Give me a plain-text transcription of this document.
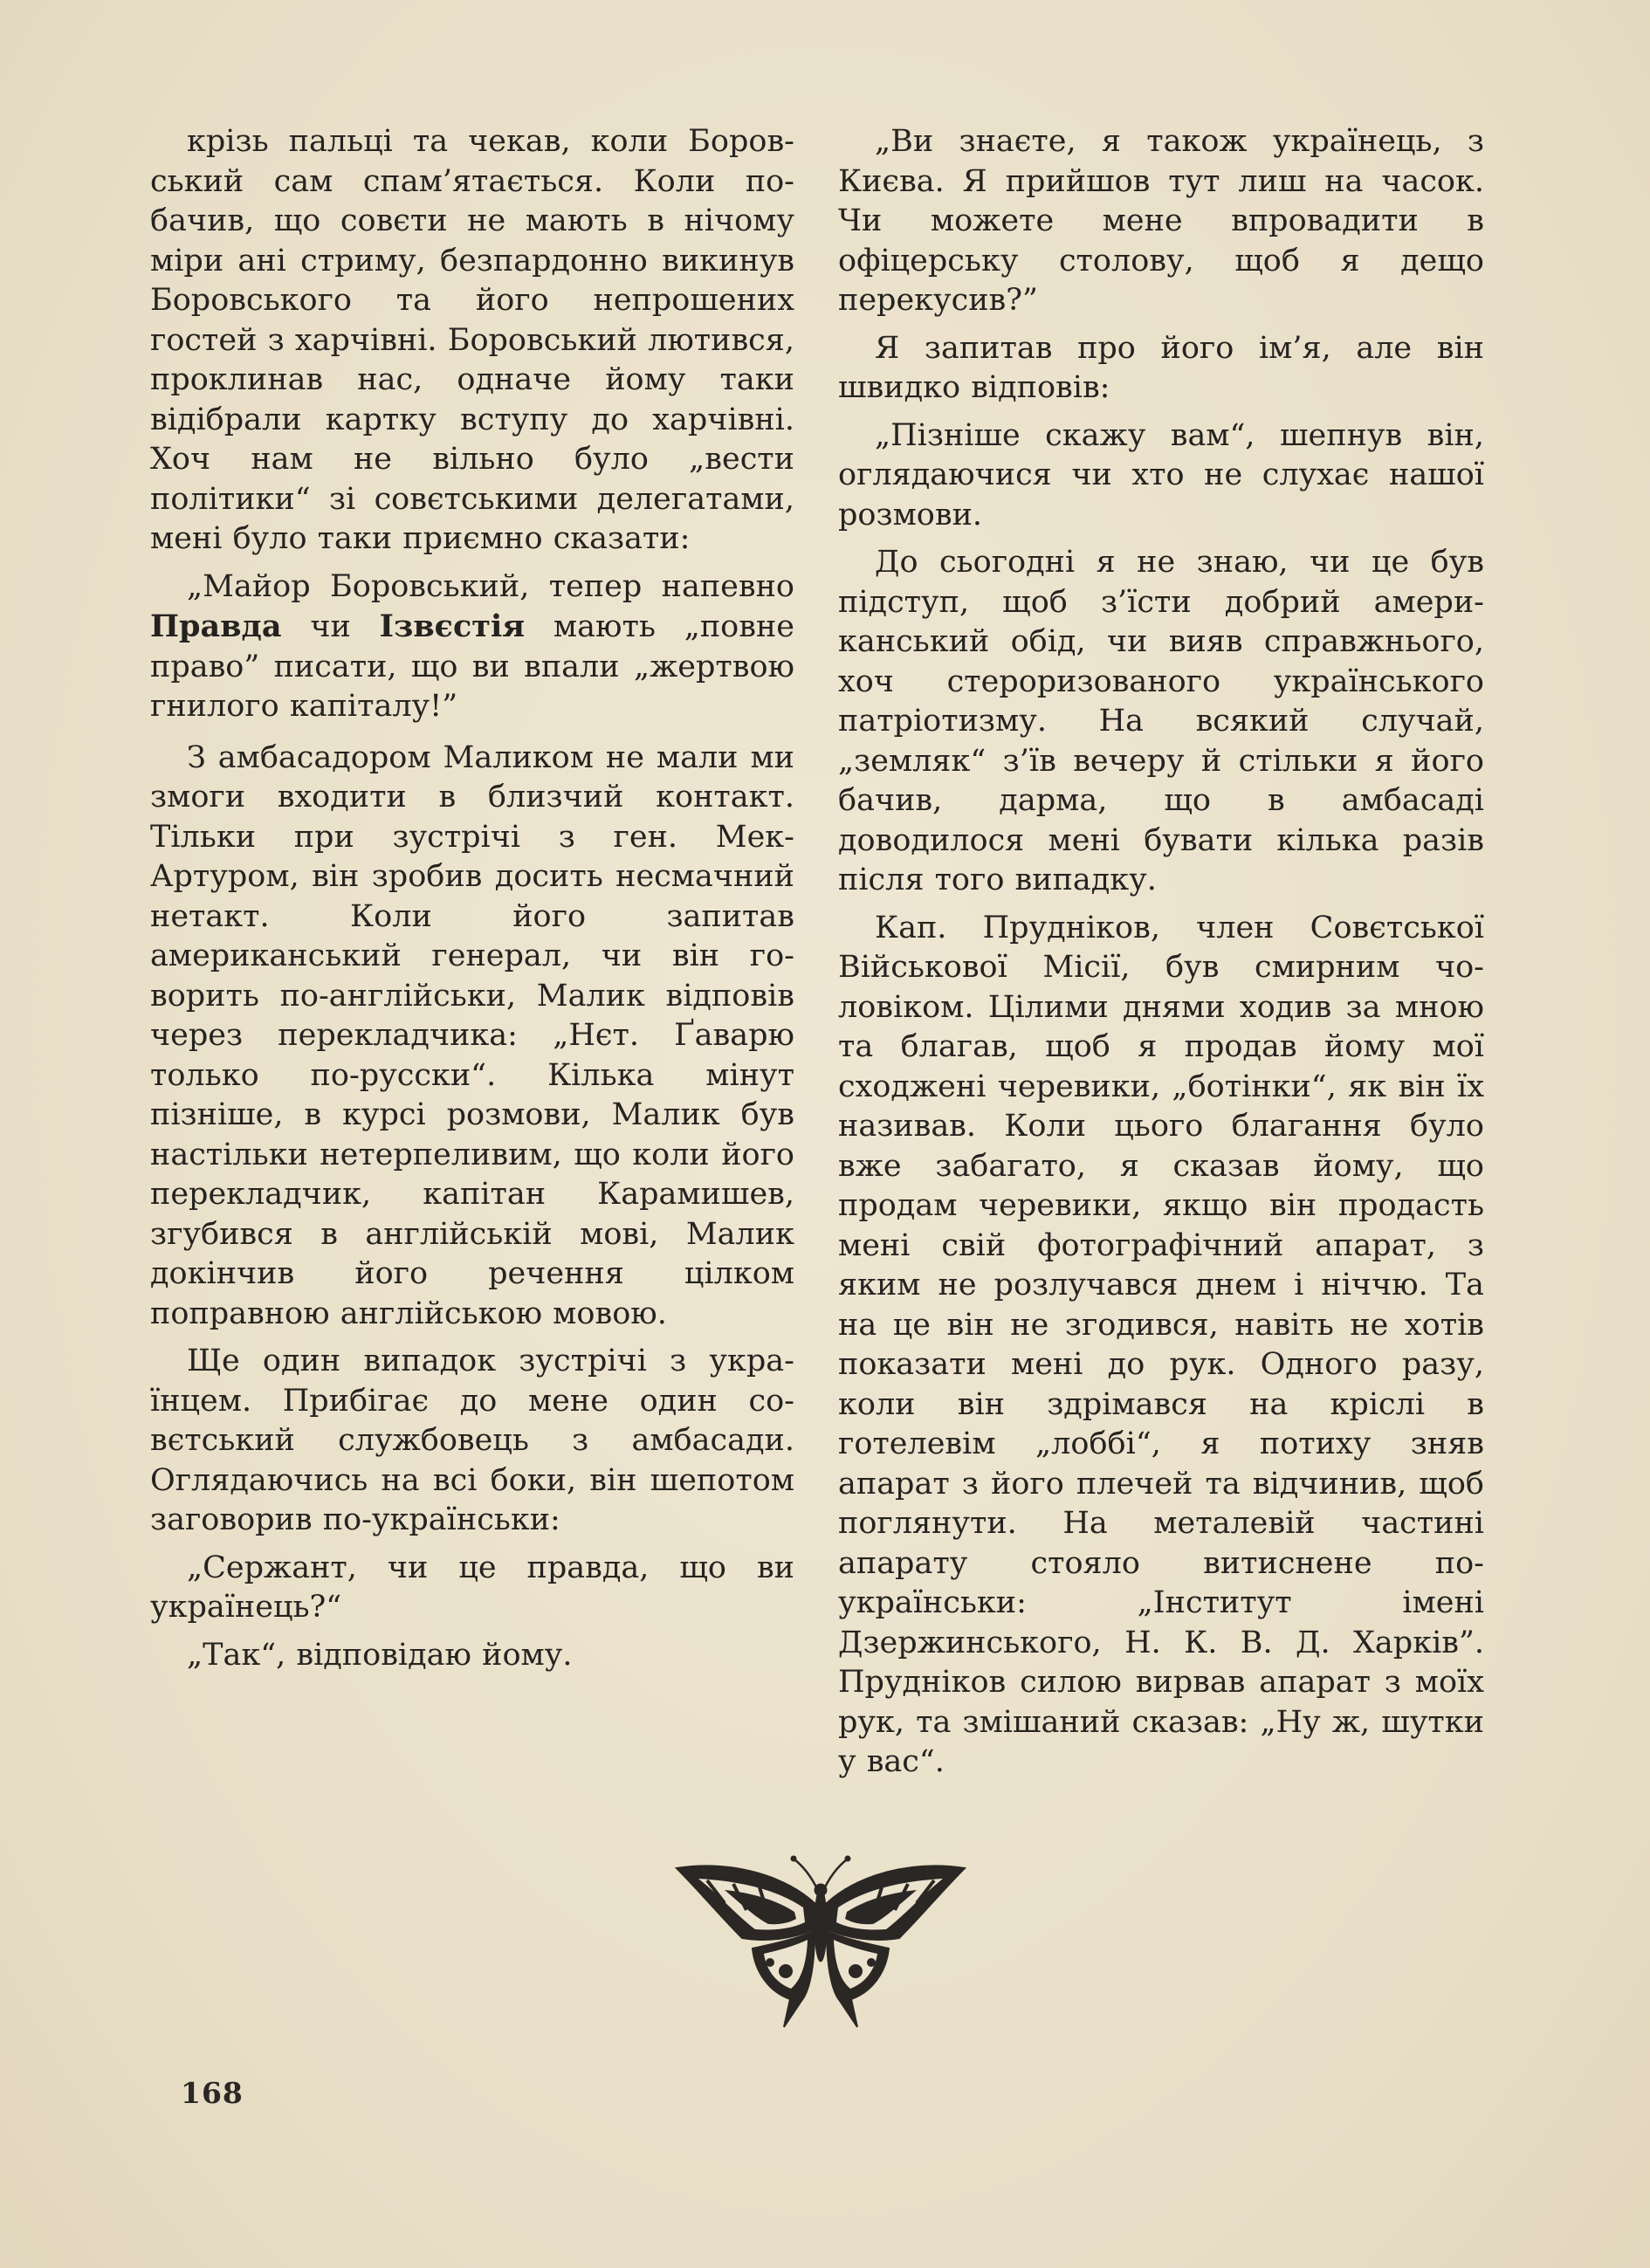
крізь пальці та чекав, коли Боровський сам спам’ятається. Коли побачив, що совєти не мають в нічому міри ані стриму, безпардонно викинув Боровського та його непрошених гостей з харчівні. Боровський лютився, проклинав нас, одначе йому таки відібрали картку вступу до харчівні. Хоч нам не вільно було „вести політики“ зі совєтськими делегатами, мені було таки приємно сказати:

„Майор Боровський, тепер напевно Правда чи Ізвєстія мають „повне право” писати, що ви впали „жертвою гнилого капіталу!”

З амбасадором Маликом не мали ми змоги входити в близчий контакт. Тільки при зустрічі з ген. МекАртуром, він зробив досить несмачний нетакт. Коли його запитав американський генерал, чи він говорить по-англійськи, Малик відповів через перекладчика: „Нєт. Ґаварю только по-русски“. Кілька мінут пізніше, в курсі розмови, Малик був настільки нетерпеливим, що коли його перекладчик, капітан Карамишев, згубився в англійській мові, Малик докінчив його речення цілком поправною англійською мовою.

Ще один випадок зустрічі з українцем. Прибігає до мене один совєтський службовець з амбасади. Оглядаючись на всі боки, він шепотом заговорив по-українськи:

„Сержант, чи це правда, що ви українець?“

„Так“, відповідаю йому.

„Ви знаєте, я також українець, з Києва. Я прийшов тут лиш на часок. Чи можете мене впровадити в офіцерську столову, щоб я дещо перекусив?”

Я запитав про його ім’я, але він швидко відповів:

„Пізніше скажу вам“, шепнув він, оглядаючися чи хто не слухає нашої розмови.

До сьогодні я не знаю, чи це був підступ, щоб з’їсти добрий американський обід, чи вияв справжнього, хоч стероризованого українського патріотизму. На всякий случай, „земляк“ з’їв вечеру й стільки я його бачив, дарма, що в амбасаді доводилося мені бувати кілька разів після того випадку.

Кап. Пруднікoв, член Совєтської Військової Місії, був смирним чоловіком. Цілими днями ходив за мною та благав, щоб я продав йому мої сходжені черевики, „ботінки“, як він їх називав. Коли цього благання було вже забагато, я сказав йому, що продам черевики, якщо він продасть мені свій фотографічний апарат, з яким не розлучався днем і ніччю. Та на це він не згодився, навіть не хотів показати мені до рук. Одного разу, коли він здрімався на кріслі в готелевім „лоббі“, я потиху зняв апарат з його плечей та відчинив, щоб поглянути. На металевій частині апарату стояло витиснене по-українськи: „Інститут імені Дзержинського, Н. К. В. Д. Харків”. Пруднікoв силою вирвав апарат з моїх рук, та змішаний сказав: „Ну ж, шутки у вас“.

168
